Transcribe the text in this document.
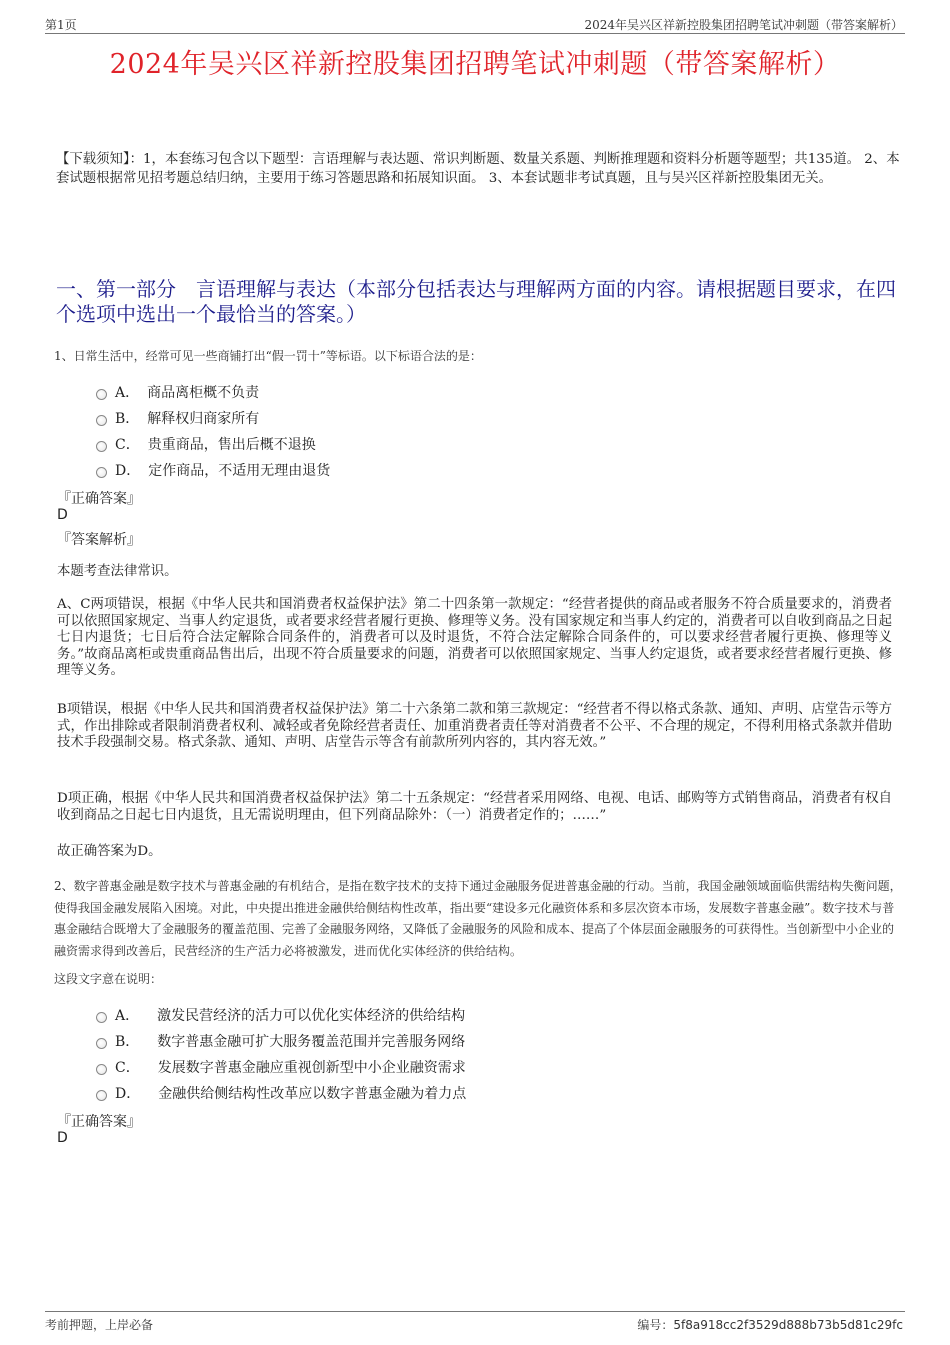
第1页	2024年吴兴区祥新控股集团招聘笔试冲刺题（带答案解析）
2024年吴兴区祥新控股集团招聘笔试冲刺题（带答案解析）
【下载须知】：1，本套练习包含以下题型：言语理解与表达题、常识判断题、数量关系题、判断推理题和资料分析题等题型；共135道。 2、本套试题根据常见招考题总结归纳，主要用于练习答题思路和拓展知识面。 3、本套试题非考试真题，且与吴兴区祥新控股集团无关。
一、第一部分　言语理解与表达（本部分包括表达与理解两方面的内容。请根据题目要求，在四个选项中选出一个最恰当的答案。）
1、日常生活中，经常可见一些商铺打出“假一罚十”等标语。以下标语合法的是：
A． 商品离柜概不负责
B． 解释权归商家所有
C． 贵重商品，售出后概不退换
D． 定作商品，不适用无理由退货
『正确答案』
D
『答案解析』
本题考查法律常识。
A、C两项错误，根据《中华人民共和国消费者权益保护法》第二十四条第一款规定：“经营者提供的商品或者服务不符合质量要求的，消费者可以依照国家规定、当事人约定退货，或者要求经营者履行更换、修理等义务。没有国家规定和当事人约定的，消费者可以自收到商品之日起七日内退货；七日后符合法定解除合同条件的，消费者可以及时退货，不符合法定解除合同条件的，可以要求经营者履行更换、修理等义务。”故商品离柜或贵重商品售出后，出现不符合质量要求的问题，消费者可以依照国家规定、当事人约定退货，或者要求经营者履行更换、修理等义务。
B项错误，根据《中华人民共和国消费者权益保护法》第二十六条第二款和第三款规定：“经营者不得以格式条款、通知、声明、店堂告示等方式，作出排除或者限制消费者权利、减轻或者免除经营者责任、加重消费者责任等对消费者不公平、不合理的规定，不得利用格式条款并借助技术手段强制交易。格式条款、通知、声明、店堂告示等含有前款所列内容的，其内容无效。”
D项正确，根据《中华人民共和国消费者权益保护法》第二十五条规定：“经营者采用网络、电视、电话、邮购等方式销售商品，消费者有权自收到商品之日起七日内退货，且无需说明理由，但下列商品除外：（一）消费者定作的；……”
故正确答案为D。
2、数字普惠金融是数字技术与普惠金融的有机结合，是指在数字技术的支持下通过金融服务促进普惠金融的行动。当前，我国金融领域面临供需结构失衡问题，使得我国金融发展陷入困境。对此，中央提出推进金融供给侧结构性改革，指出要“建设多元化融资体系和多层次资本市场，发展数字普惠金融”。数字技术与普惠金融结合既增大了金融服务的覆盖范围、完善了金融服务网络，又降低了金融服务的风险和成本、提高了个体层面金融服务的可获得性。当创新型中小企业的融资需求得到改善后，民营经济的生产活力必将被激发，进而优化实体经济的供给结构。
这段文字意在说明：
A． 激发民营经济的活力可以优化实体经济的供给结构
B． 数字普惠金融可扩大服务覆盖范围并完善服务网络
C． 发展数字普惠金融应重视创新型中小企业融资需求
D． 金融供给侧结构性改革应以数字普惠金融为着力点
『正确答案』
D
考前押题，上岸必备	编号：5f8a918cc2f3529d888b73b5d81c29fc
